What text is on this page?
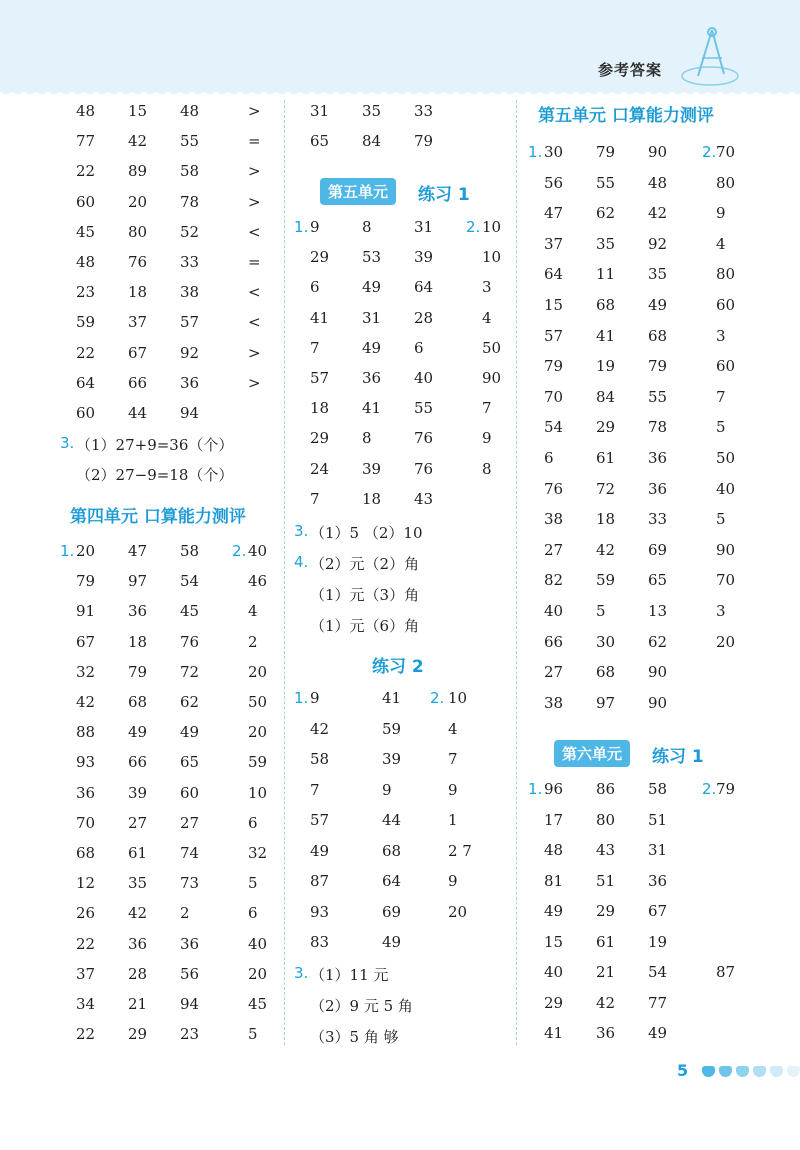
参考答案
48 15 48	>
77 42 55	=
22 89 58	>
60 20 78	>
45 80 52	<
48 76 33	=
23 18 38	<
59 37 57	<
22 67 92	>
64 66 36	>
60 44 94
3. （1）27+9=36（个）
（2）27−9=18（个）
第四单元 口算能力测评
1.	2.
20 47 58	40
79 97 54	46
91 36 45	4
67 18 76	2
32 79 72	20
42 68 62	50
88 49 49	20
93 66 65	59
36 39 60	10
70 27 27	6
68 61 74	32
12 35 73	5
26 42 2	6
22 36 36	40
37 28 56	20
34 21 94	45
22 29 23	5
31 35 33
65 84 79
第五单元	练习 1
1.	2.
9	8	31	10
29 53 39	10
6	49 64	3
41 31 28	4
7	49 6	50
57 36 40	90
18 41 55	7
29 8	76	9
24 39 76	8
7	18 43
3. （1）5 （2）10
4. （2）元（2）角
（1）元（3）角
（1）元（6）角
练习 2
1.	2.
9	41	10
42	59	4
58	39	7
7	9	9
57	44	1
49	68	2 7
87	64	9
93	69	20
83	49
3. （1）11 元
（2）9 元 5 角
（3）5 角 够
第五单元 口算能力测评
1.	2.
30 79 90	70
56 55 48	80
47 62 42	9
37 35 92	4
64 11 35	80
15 68 49	60
57 41 68	3
79 19 79	60
70 84 55	7
54 29 78	5
6	61 36	50
76 72 36	40
38 18 33	5
27 42 69	90
82 59 65	70
40 5	13	3
66 30 62	20
27 68 90
38 97 90
第六单元	练习 1
1.	2.
96 86 58	79
17 80 51
48 43 31
81 51 36
49 29 67
15 61 19
40 21 54	87
29 42 77
41 36 49
5
